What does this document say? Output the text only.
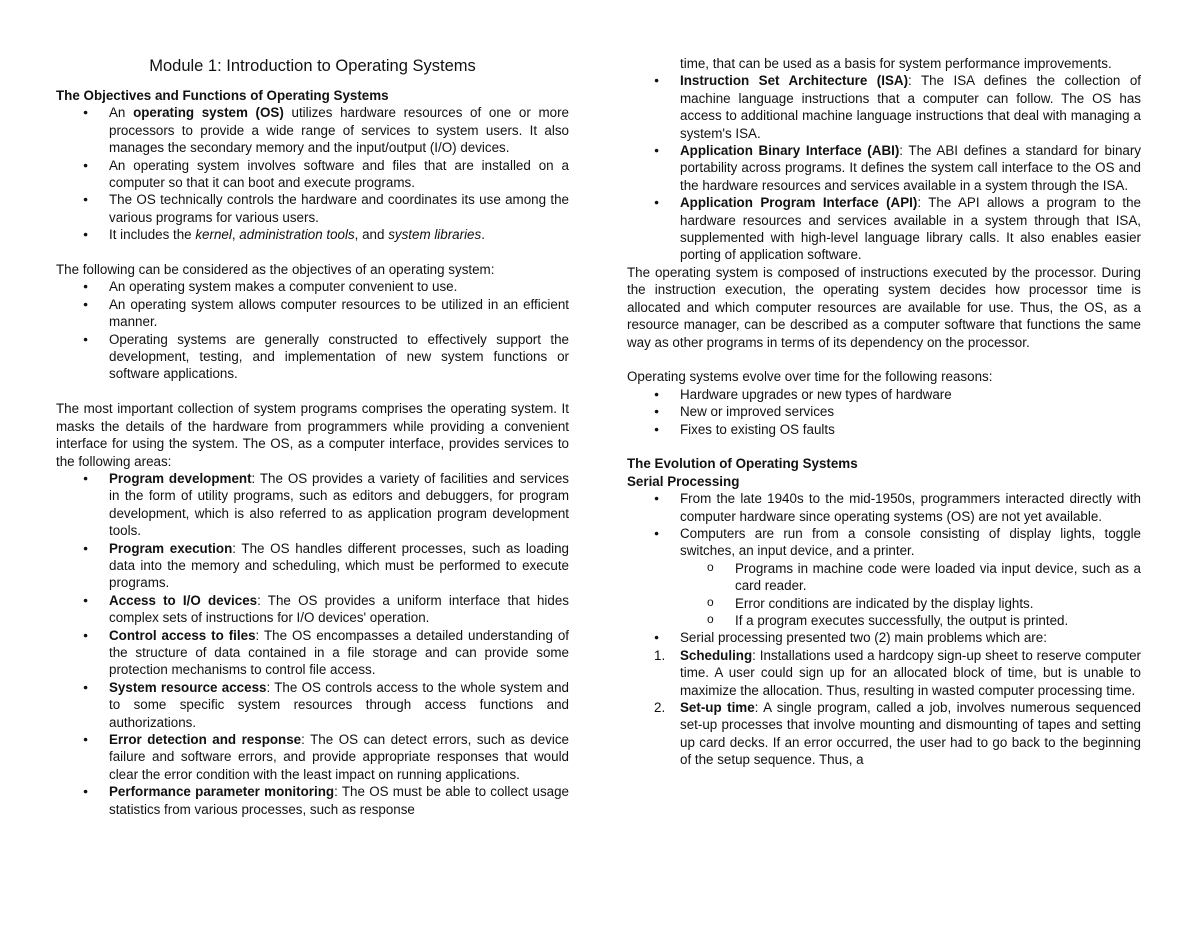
Module 1: Introduction to Operating Systems
The Objectives and Functions of Operating Systems
● An operating system (OS) utilizes hardware resources of one or more processors to provide a wide range of services to system users. It also manages the secondary memory and the input/output (I/O) devices.
● An operating system involves software and files that are installed on a computer so that it can boot and execute programs.
● The OS technically controls the hardware and coordinates its use among the various programs for various users.
● It includes the kernel, administration tools, and system libraries.
The following can be considered as the objectives of an operating system:
● An operating system makes a computer convenient to use.
● An operating system allows computer resources to be utilized in an efficient manner.
● Operating systems are generally constructed to effectively support the development, testing, and implementation of new system functions or software applications.
The most important collection of system programs comprises the operating system. It masks the details of the hardware from programmers while providing a convenient interface for using the system. The OS, as a computer interface, provides services to the following areas:
● Program development: The OS provides a variety of facilities and services in the form of utility programs, such as editors and debuggers, for program development, which is also referred to as application program development tools.
● Program execution: The OS handles different processes, such as loading data into the memory and scheduling, which must be performed to execute programs.
● Access to I/O devices: The OS provides a uniform interface that hides complex sets of instructions for I/O devices' operation.
● Control access to files: The OS encompasses a detailed understanding of the structure of data contained in a file storage and can provide some protection mechanisms to control file access.
● System resource access: The OS controls access to the whole system and to some specific system resources through access functions and authorizations.
● Error detection and response: The OS can detect errors, such as device failure and software errors, and provide appropriate responses that would clear the error condition with the least impact on running applications.
● Performance parameter monitoring: The OS must be able to collect usage statistics from various processes, such as response
time, that can be used as a basis for system performance improvements.
● Instruction Set Architecture (ISA): The ISA defines the collection of machine language instructions that a computer can follow. The OS has access to additional machine language instructions that deal with managing a system's ISA.
● Application Binary Interface (ABI): The ABI defines a standard for binary portability across programs. It defines the system call interface to the OS and the hardware resources and services available in a system through the ISA.
● Application Program Interface (API): The API allows a program to the hardware resources and services available in a system through that ISA, supplemented with high-level language library calls. It also enables easier porting of application software.
The operating system is composed of instructions executed by the processor. During the instruction execution, the operating system decides how processor time is allocated and which computer resources are available for use. Thus, the OS, as a resource manager, can be described as a computer software that functions the same way as other programs in terms of its dependency on the processor.
Operating systems evolve over time for the following reasons:
● Hardware upgrades or new types of hardware
● New or improved services
● Fixes to existing OS faults
The Evolution of Operating Systems
Serial Processing
● From the late 1940s to the mid-1950s, programmers interacted directly with computer hardware since operating systems (OS) are not yet available.
● Computers are run from a console consisting of display lights, toggle switches, an input device, and a printer.
o Programs in machine code were loaded via input device, such as a card reader.
o Error conditions are indicated by the display lights.
o If a program executes successfully, the output is printed.
● Serial processing presented two (2) main problems which are:
1. Scheduling: Installations used a hardcopy sign-up sheet to reserve computer time. A user could sign up for an allocated block of time, but is unable to maximize the allocation. Thus, resulting in wasted computer processing time.
2. Set-up time: A single program, called a job, involves numerous sequenced set-up processes that involve mounting and dismounting of tapes and setting up card decks. If an error occurred, the user had to go back to the beginning of the setup sequence. Thus, a
